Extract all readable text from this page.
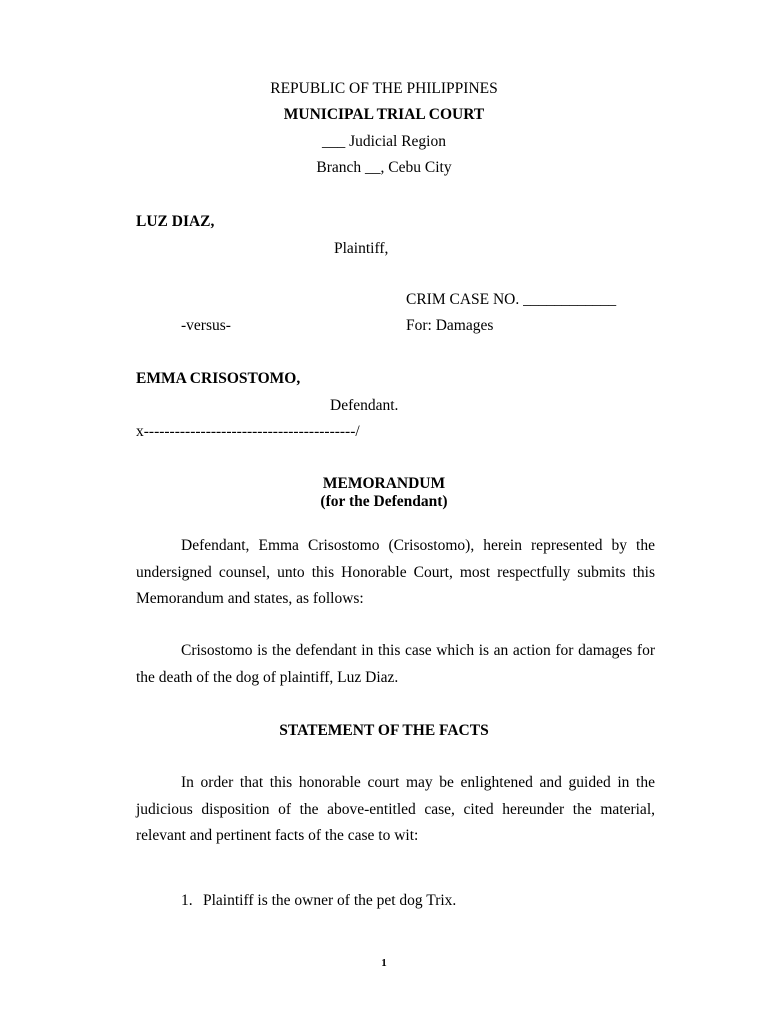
REPUBLIC OF THE PHILIPPINES
MUNICIPAL TRIAL COURT
___ Judicial Region
Branch __, Cebu City
LUZ DIAZ,
Plaintiff,
CRIM CASE NO. ____________
-versus-	For: Damages
EMMA CRISOSTOMO,
Defendant.
x-----------------------------------------/
MEMORANDUM
(for the Defendant)
Defendant, Emma Crisostomo (Crisostomo), herein represented by the undersigned counsel, unto this Honorable Court, most respectfully submits this Memorandum and states, as follows:
Crisostomo is the defendant in this case which is an action for damages for the death of the dog of plaintiff, Luz Diaz.
STATEMENT OF THE FACTS
In order that this honorable court may be enlightened and guided in the judicious disposition of the above-entitled case, cited hereunder the material, relevant and pertinent facts of the case to wit:
1. Plaintiff is the owner of the pet dog Trix.
1
